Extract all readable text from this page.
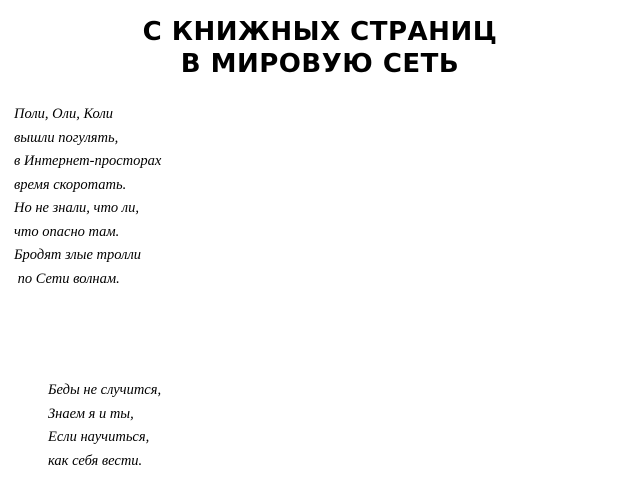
С КНИЖНЫХ СТРАНИЦ
В МИРОВУЮ СЕТЬ
Поли, Оли, Коли
вышли погулять,
в Интернет-просторах
время скоротать.
Но не знали, что ли,
что опасно там.
Бродят злые тролли
по Сети волнам.
Беды не случится,
Знаем я и ты,
Если научиться,
как себя вести.
